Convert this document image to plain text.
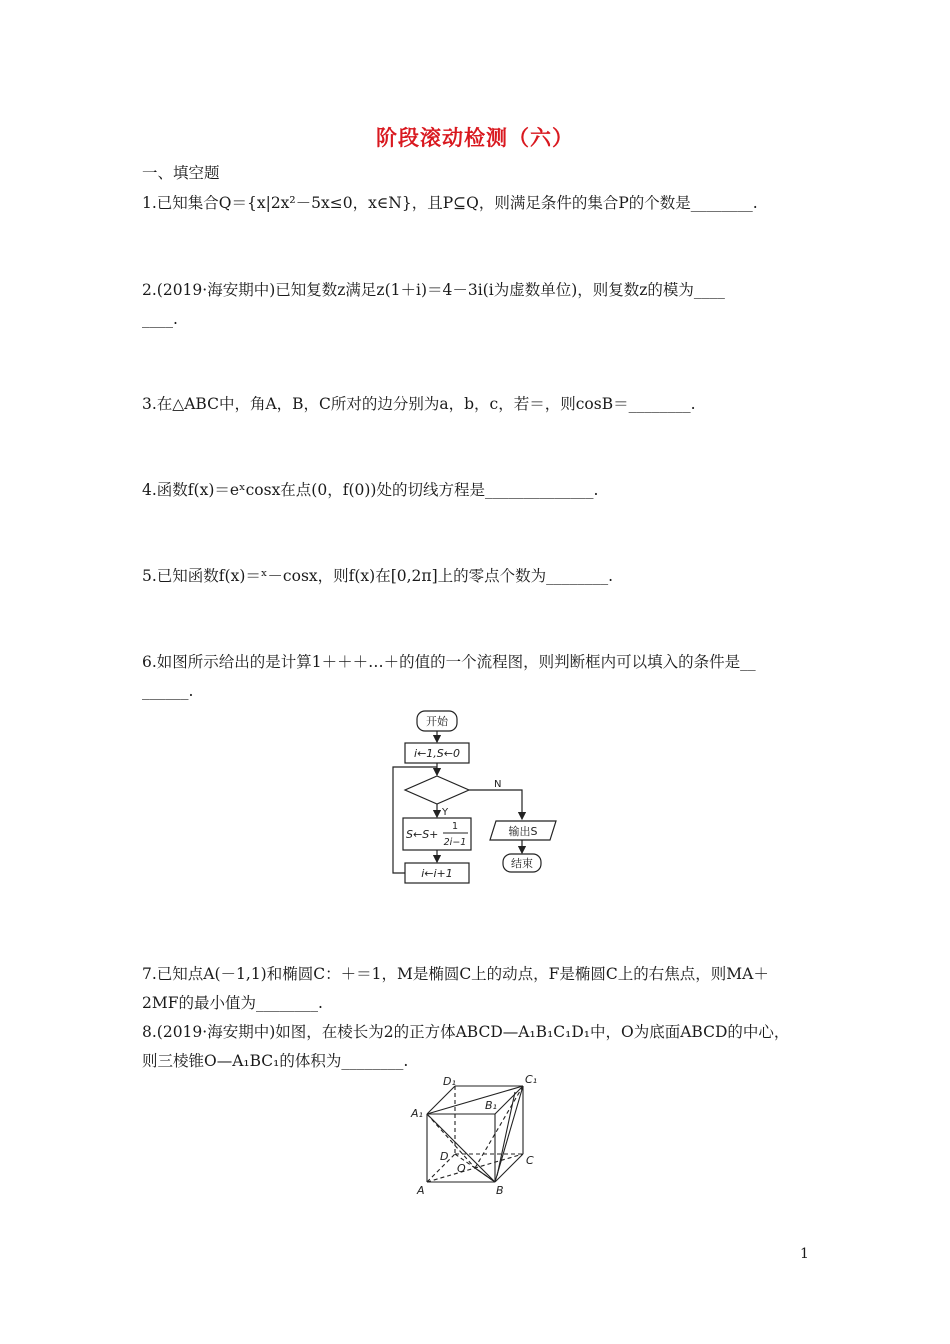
阶段滚动检测（六）
一、填空题
1.已知集合Q＝{x|2x²－5x≤0，x∈N}，且P⊆Q，则满足条件的集合P的个数是________.
2.(2019·海安期中)已知复数z满足z(1＋i)＝4－3i(i为虚数单位)，则复数z的模为____
____.
3.在△ABC中，角A，B，C所对的边分别为a，b，c，若＝，则cosB＝________.
4.函数f(x)＝eˣcosx在点(0，f(0))处的切线方程是______________.
5.已知函数f(x)＝ˣ－cosx，则f(x)在[0,2π]上的零点个数为________.
6.如图所示给出的是计算1＋＋＋…＋的值的一个流程图，则判断框内可以填入的条件是__
______.
开始
i←1,S←0
Y
N
S←S+
1
2i−1
i←i+1
输出S
结束
7.已知点A(－1,1)和椭圆C：＋＝1，M是椭圆C上的动点，F是椭圆C上的右焦点，则MA＋
2MF的最小值为________.
8.(2019·海安期中)如图，在棱长为2的正方体ABCD—A₁B₁C₁D₁中，O为底面ABCD的中心，
则三棱锥O—A₁BC₁的体积为________.
D₁	C₁
A₁
B₁
D
O
C
A	B
1
